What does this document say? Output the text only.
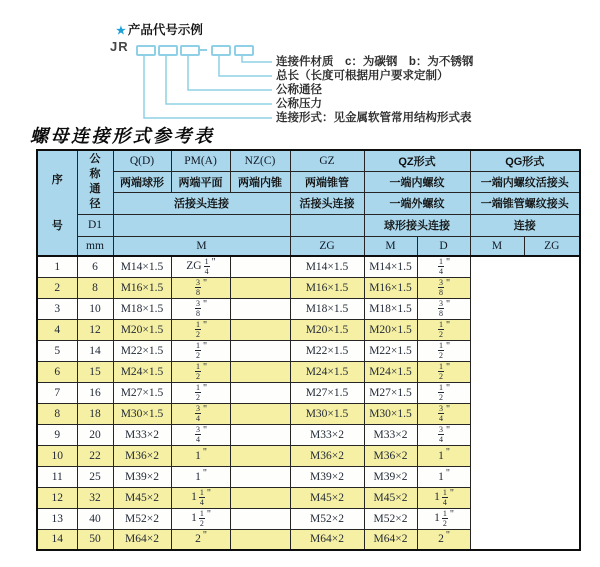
★ 产品代号示例
JR
连接件材质　c：为碳钢　b：为不锈钢
总长（长度可根据用户要求定制）
公称通径
公称压力
连接形式：见金属软管常用结构形式表
螺母连接形式参考表
序号	公称通径	Q(D)	PM(A)	NZ(C)	GZ	QZ形式		QG形式	
		两端球形	两端平面	两端内锥	两端锥管	一端内螺纹		一端内螺纹活接头	
		活接头连接			活接头连接	一端外螺纹		一端锥管螺纹接头	
	D1					球形接头连接		连接	
	mm	M			ZG	M	D	M	ZG
1	6	M14×1.5	ZG $\frac{1}{4}$ "		M14×1.5	M14×1.5	$\frac{1}{4}$ "		
2	8	M16×1.5	$\frac{3}{8}$ "		M16×1.5	M16×1.5	$\frac{3}{8}$ "		
3	10	M18×1.5	$\frac{3}{8}$ "		M18×1.5	M18×1.5	$\frac{3}{8}$ "		
4	12	M20×1.5	$\frac{1}{2}$ "		M20×1.5	M20×1.5	$\frac{1}{2}$ "		
5	14	M22×1.5	$\frac{1}{2}$ "		M22×1.5	M22×1.5	$\frac{1}{2}$ "		
6	15	M24×1.5	$\frac{1}{2}$ "		M24×1.5	M24×1.5	$\frac{1}{2}$ "		
7	16	M27×1.5	$\frac{1}{2}$ "		M27×1.5	M27×1.5	$\frac{1}{2}$ "		
8	18	M30×1.5	$\frac{3}{4}$ "		M30×1.5	M30×1.5	$\frac{3}{4}$ "		
9	20	M33×2	$\frac{3}{4}$ "		M33×2	M33×2	$\frac{3}{4}$ "		
10	22	M36×2	1 "		M36×2	M36×2	1 "		
11	25	M39×2	1 "		M39×2	M39×2	1 "		
12	32	M45×2	$1 \frac{1}{4}$ "		M45×2	M45×2	$1 \frac{1}{4}$ "		
13	40	M52×2	$1 \frac{1}{2}$ "		M52×2	M52×2	$1 \frac{1}{2}$ "		
14	50	M64×2	2 "		M64×2	M64×2	2 "		
